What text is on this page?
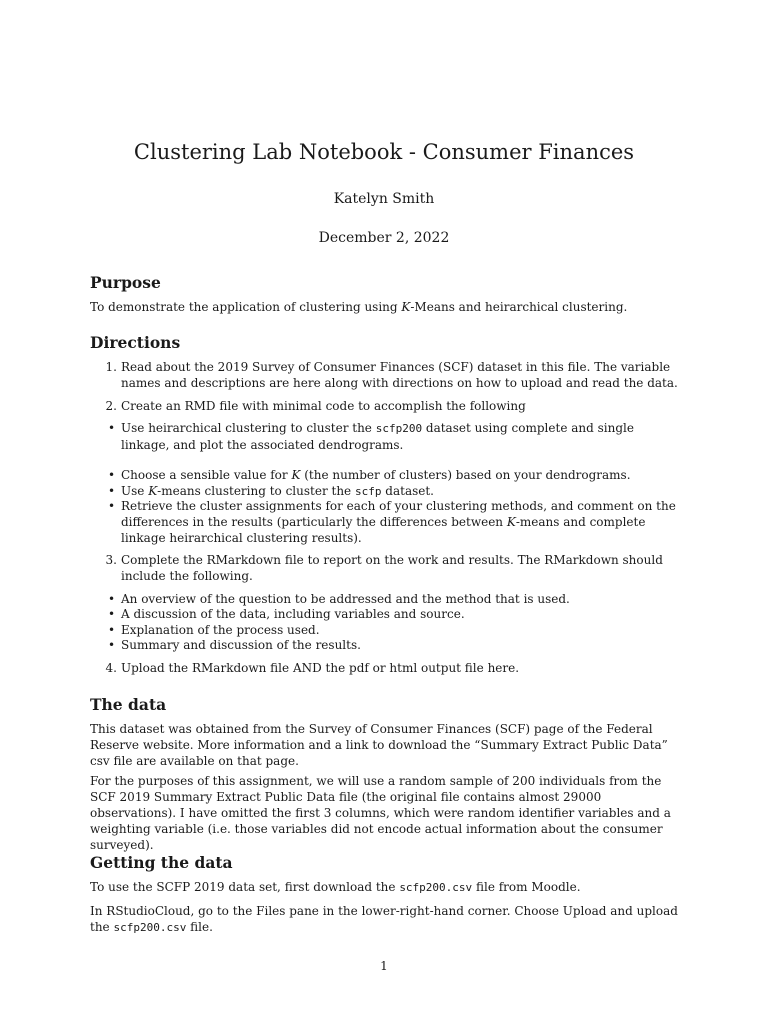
Clustering Lab Notebook - Consumer Finances
Katelyn Smith
December 2, 2022
Purpose

To demonstrate the application of clustering using K-Means and heirarchical clustering.

Directions
1. Read about the 2019 Survey of Consumer Finances (SCF) dataset in this file. The variable names and descriptions are here along with directions on how to upload and read the data.
2. Create an RMD file with minimal code to accomplish the following
• Use heirarchical clustering to cluster the scfp200 dataset using complete and single linkage, and plot the associated dendrograms.
• Choose a sensible value for K (the number of clusters) based on your dendrograms.
• Use K-means clustering to cluster the scfp dataset.
• Retrieve the cluster assignments for each of your clustering methods, and comment on the differences in the results (particularly the differences between K-means and complete linkage heirarchical clustering results).
3. Complete the RMarkdown file to report on the work and results. The RMarkdown should include the following.
• An overview of the question to be addressed and the method that is used.
• A discussion of the data, including variables and source.
• Explanation of the process used.
• Summary and discussion of the results.
4. Upload the RMarkdown file AND the pdf or html output file here.
The data

This dataset was obtained from the Survey of Consumer Finances (SCF) page of the Federal Reserve website. More information and a link to download the “Summary Extract Public Data” csv file are available on that page.

For the purposes of this assignment, we will use a random sample of 200 individuals from the SCF 2019 Summary Extract Public Data file (the original file contains almost 29000 observations). I have omitted the first 3 columns, which were random identifier variables and a weighting variable (i.e. those variables did not encode actual information about the consumer surveyed).

Getting the data

To use the SCFP 2019 data set, first download the scfp200.csv file from Moodle.

In RStudioCloud, go to the Files pane in the lower-right-hand corner. Choose Upload and upload the scfp200.csv file.

1
